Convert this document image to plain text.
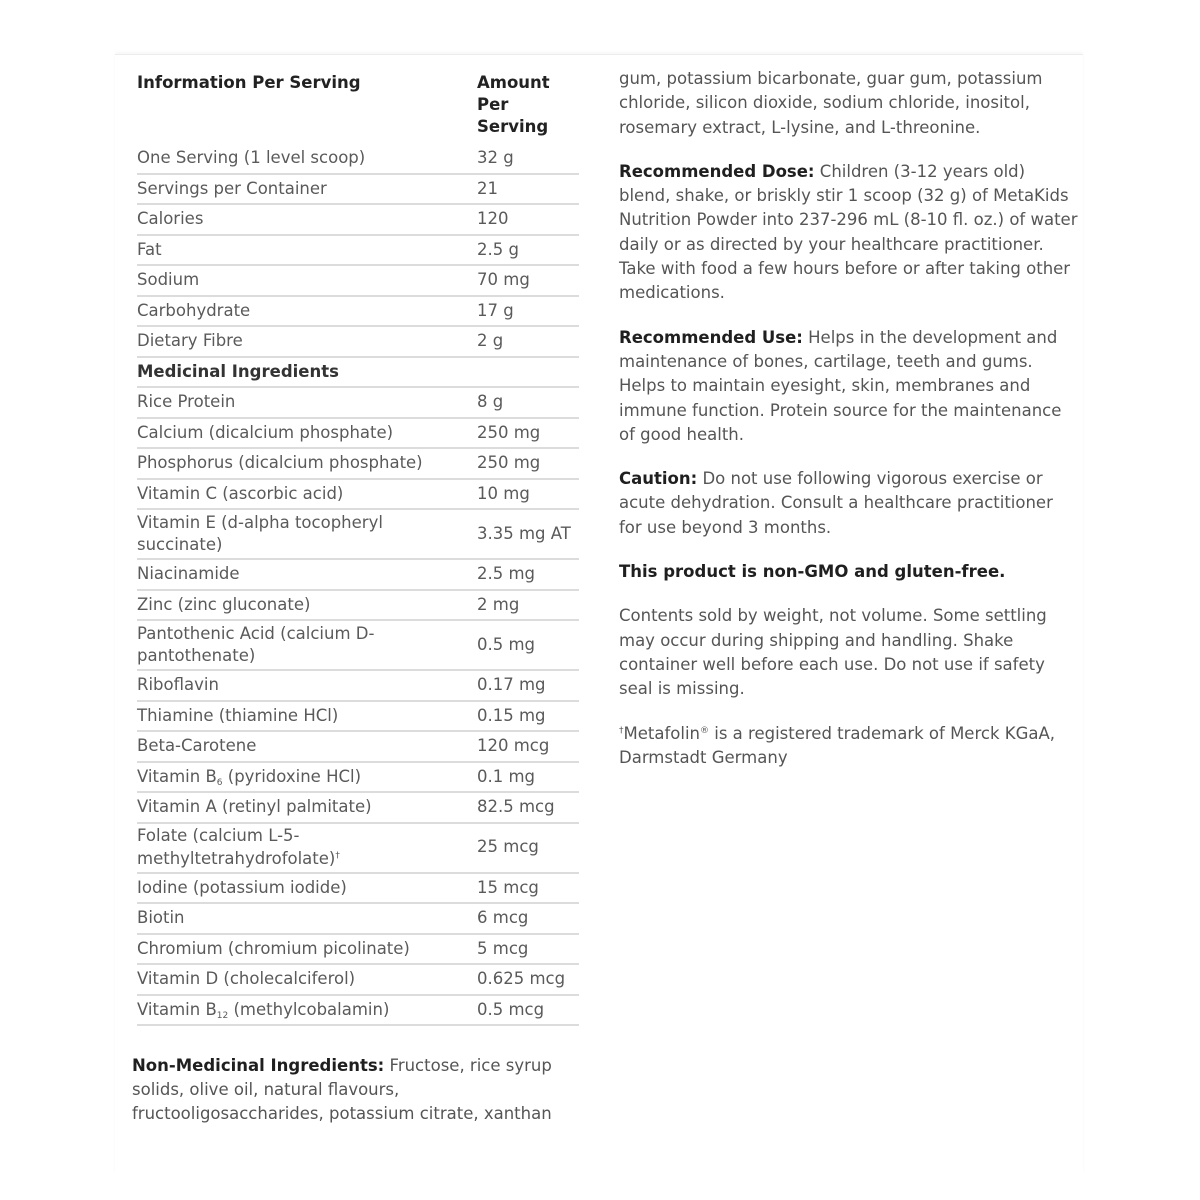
Information Per Serving	Amount
Per
Serving

One Serving (1 level scoop)	32 g
Servings per Container	21
Calories	120
Fat	2.5 g
Sodium	70 mg
Carbohydrate	17 g
Dietary Fibre	2 g
Medicinal Ingredients	
Rice Protein	8 g
Calcium (dicalcium phosphate)	250 mg
Phosphorus (dicalcium phosphate)	250 mg
Vitamin C (ascorbic acid)	10 mg
Vitamin E (d-alpha tocopheryl succinate)	3.35 mg AT
Niacinamide	2.5 mg
Zinc (zinc gluconate)	2 mg
Pantothenic Acid (calcium D-pantothenate)	0.5 mg
Riboflavin	0.17 mg
Thiamine (thiamine HCl)	0.15 mg
Beta-Carotene	120 mcg
Vitamin $B_6$ (pyridoxine HCl)	0.1 mg
Vitamin A (retinyl palmitate)	82.5 mcg
Folate (calcium L-5-methyltetrahydrofolate)†	25 mcg
Iodine (potassium iodide)	15 mcg
Biotin	6 mcg
Chromium (chromium picolinate)	5 mcg
Vitamin D (cholecalciferol)	0.625 mcg
Vitamin $B_{12}$ (methylcobalamin)	0.5 mcg
Non-Medicinal Ingredients: Fructose, rice syrup solids, olive oil, natural flavours, fructooligosaccharides, potassium citrate, xanthan

gum, potassium bicarbonate, guar gum, potassium chloride, silicon dioxide, sodium chloride, inositol, rosemary extract, L-lysine, and L-threonine.

Recommended Dose: Children (3-12 years old) blend, shake, or briskly stir 1 scoop (32 g) of MetaKids Nutrition Powder into 237-296 mL (8-10 fl. oz.) of water daily or as directed by your healthcare practitioner. Take with food a few hours before or after taking other medications.

Recommended Use: Helps in the development and maintenance of bones, cartilage, teeth and gums. Helps to maintain eyesight, skin, membranes and immune function. Protein source for the maintenance of good health.

Caution: Do not use following vigorous exercise or acute dehydration. Consult a healthcare practitioner for use beyond 3 months.

This product is non-GMO and gluten-free.

Contents sold by weight, not volume. Some settling may occur during shipping and handling. Shake container well before each use. Do not use if safety seal is missing.

†Metafolin® is a registered trademark of Merck KGaA, Darmstadt Germany
